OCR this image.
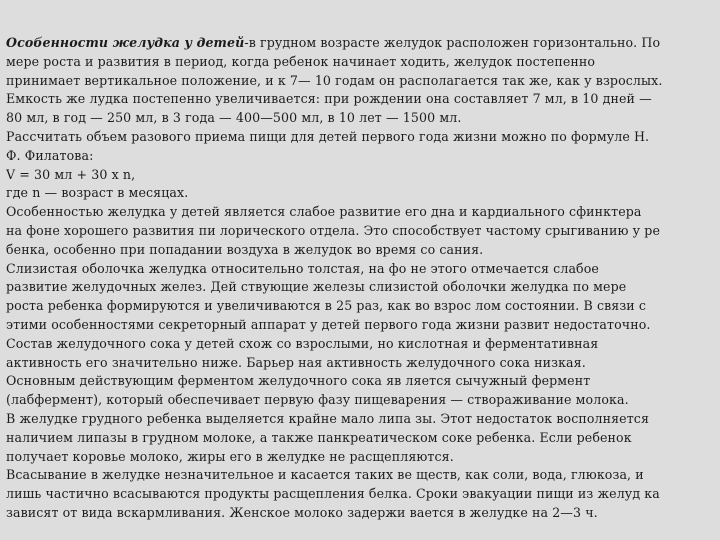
Особенности желудка у детей-в грудном возрасте желудок расположен горизонтально. По
мере роста и развития в период, когда ребенок начинает ходить, желудок постепенно
принимает вертикальное положение, и к 7— 10 годам он располагается так же, как у взрослых.
Емкость же лудка постепенно увеличивается: при рождении она составляет 7 мл, в 10 дней —
80 мл, в год — 250 мл, в 3 года — 400—500 мл, в 10 лет — 1500 мл.
Рассчитать объем разового приема пищи для детей первого года жизни можно по формуле Н.
Ф. Филатова:
V = 30 мл + 30 х n,
где n — возраст в месяцах.
Особенностью желудка у детей является слабое развитие его дна и кардиального сфинктера
на фоне хорошего развития пи лорического отдела. Это способствует частому срыгиванию у ре
бенка, особенно при попадании воздуха в желудок во время со сания.
Слизистая оболочка желудка относительно толстая, на фо не этого отмечается слабое
развитие желудочных желез. Дей ствующие железы слизистой оболочки желудка по мере
роста ребенка формируются и увеличиваются в 25 раз, как во взрос лом состоянии. В связи с
этими особенностями секреторный аппарат у детей первого года жизни развит недостаточно.
Состав желудочного сока у детей схож со взрослыми, но кислотная и ферментативная
активность его значительно ниже. Барьер ная активность желудочного сока низкая.
Основным действующим ферментом желудочного сока яв ляется сычужный фермент
(лабфермент), который обеспечивает первую фазу пищеварения — створаживание молока.
В желудке грудного ребенка выделяется крайне мало липа зы. Этот недостаток восполняется
наличием липазы в грудном молоке, а также панкреатическом соке ребенка. Если ребенок
получает коровье молоко, жиры его в желудке не расщепляются.
Всасывание в желудке незначительное и касается таких ве ществ, как соли, вода, глюкоза, и
лишь частично всасываются продукты расщепления белка. Сроки эвакуации пищи из желуд ка
зависят от вида вскармливания. Женское молоко задержи вается в желудке на 2—3 ч.
